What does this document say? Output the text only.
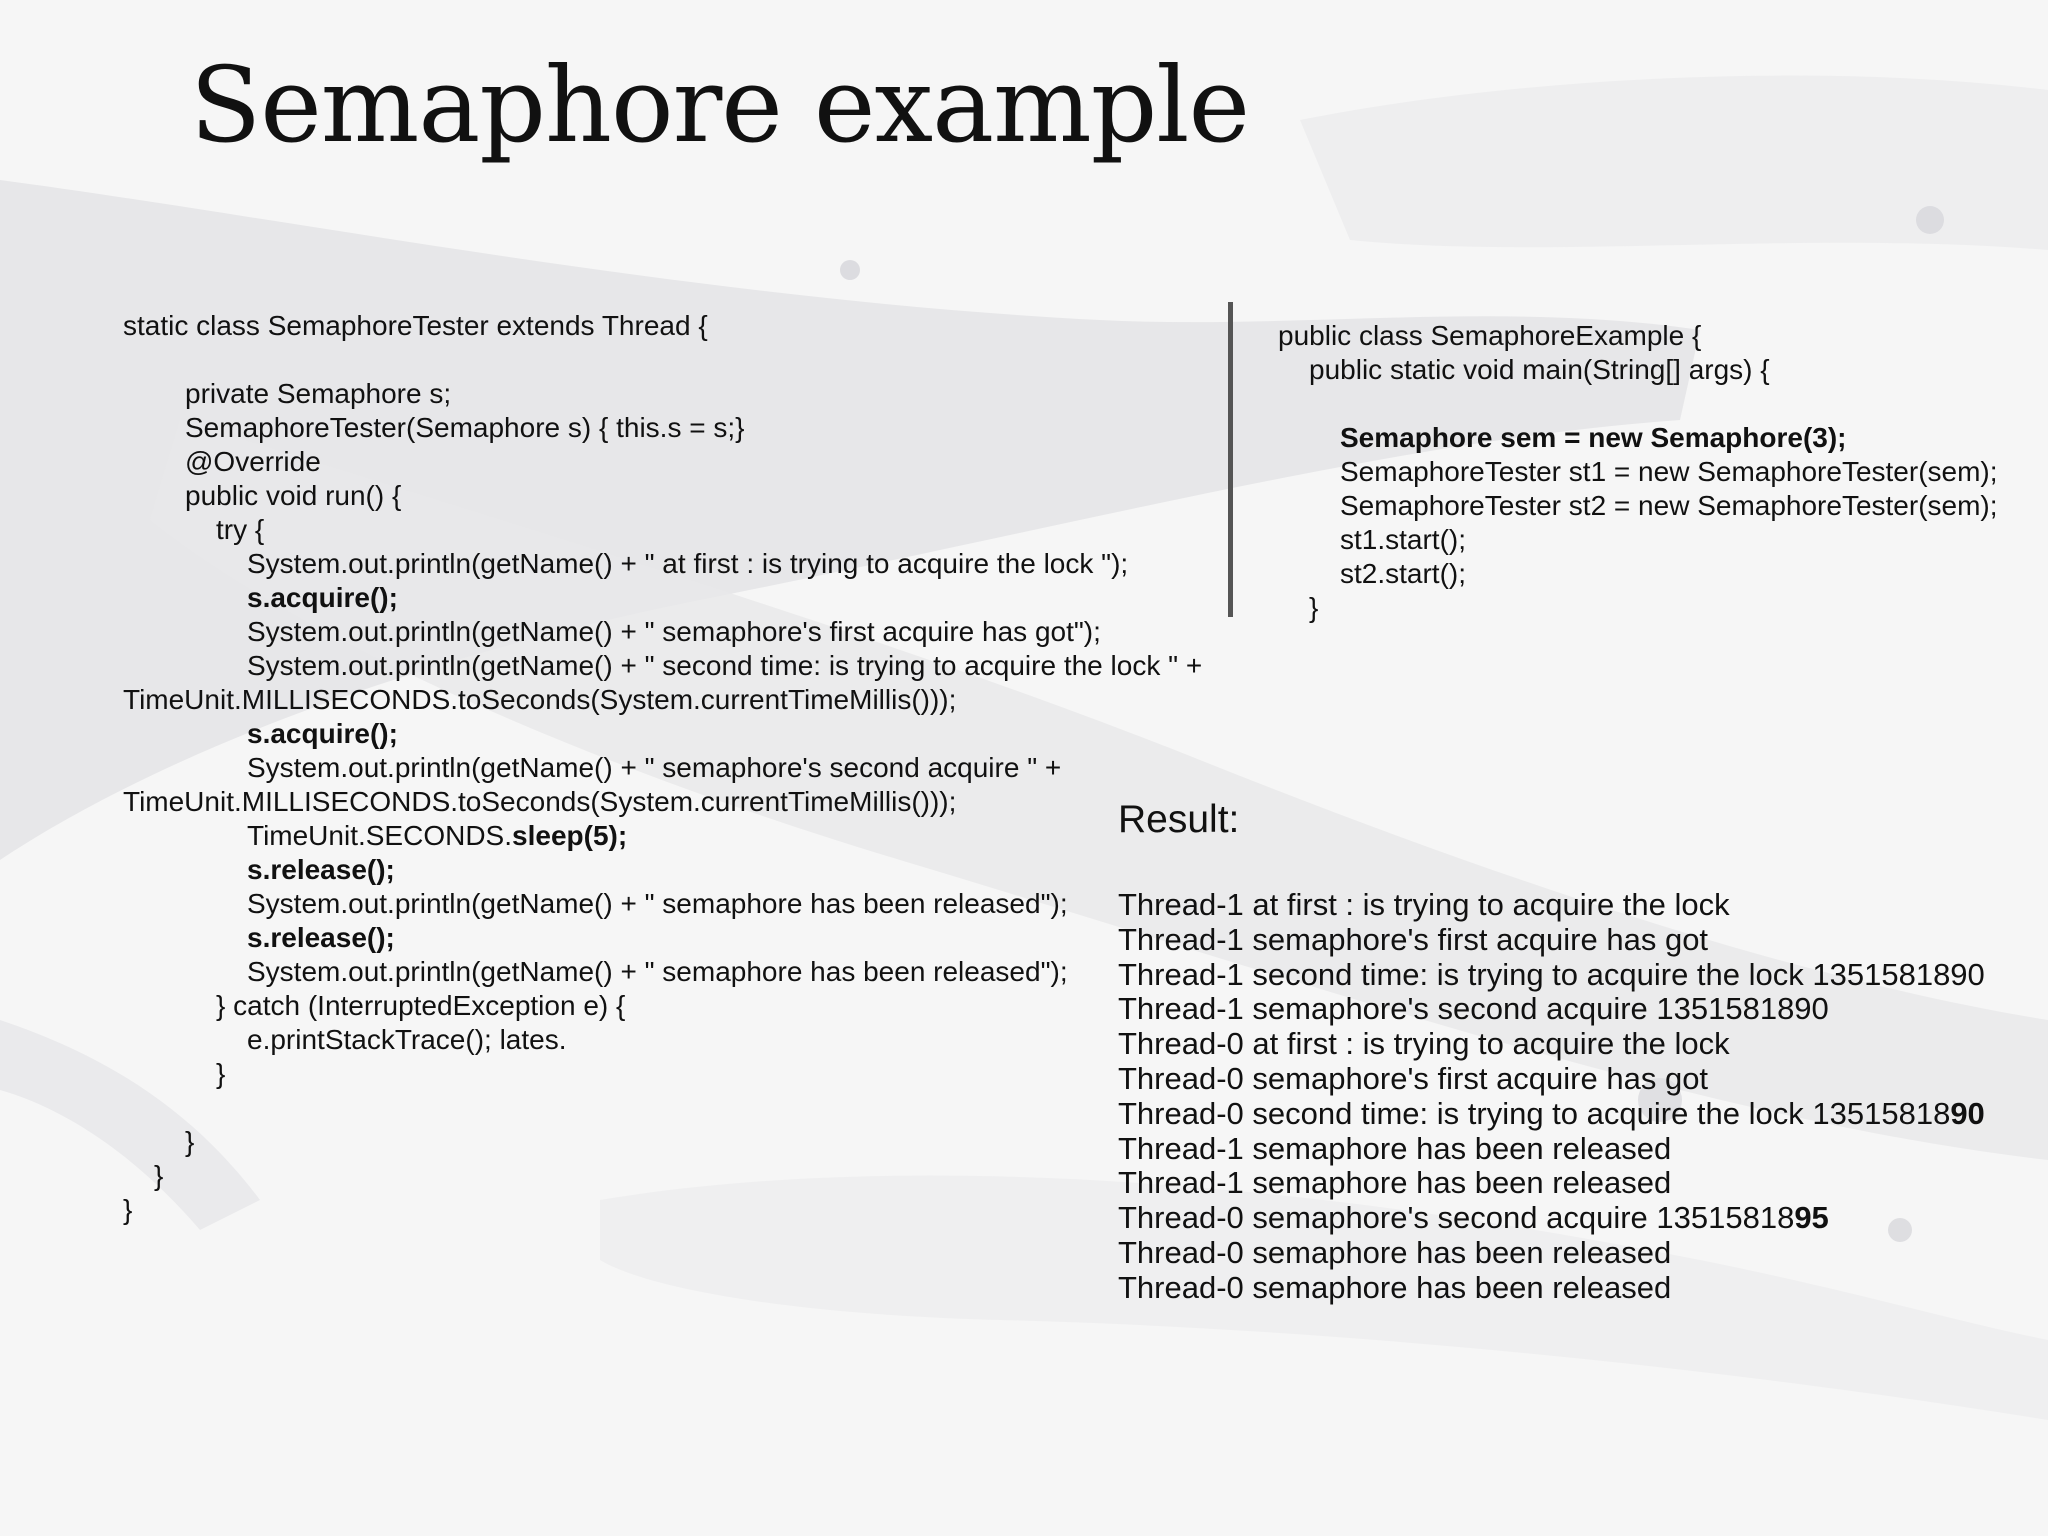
Semaphore example
static class SemaphoreTester extends Thread {
private Semaphore s;
SemaphoreTester(Semaphore s) { this.s = s;}
@Override
public void run() {
try {
System.out.println(getName() + " at first : is trying to acquire the lock ");
s.acquire();
System.out.println(getName() + " semaphore's first acquire has got");
System.out.println(getName() + " second time: is trying to acquire the lock " +
TimeUnit.MILLISECONDS.toSeconds(System.currentTimeMillis()));
s.acquire();
System.out.println(getName() + " semaphore's second acquire " +
TimeUnit.MILLISECONDS.toSeconds(System.currentTimeMillis()));
TimeUnit.SECONDS.sleep(5);
s.release();
System.out.println(getName() + " semaphore has been released");
s.release();
System.out.println(getName() + " semaphore has been released");
} catch (InterruptedException e) {
e.printStackTrace(); lates.
}
}
}
}
public class SemaphoreExample {
public static void main(String[] args) {
Semaphore sem = new Semaphore(3);
SemaphoreTester st1 = new SemaphoreTester(sem);
SemaphoreTester st2 = new SemaphoreTester(sem);
st1.start();
st2.start();
}
Result:
Thread-1 at first : is trying to acquire the lock
Thread-1 semaphore's first acquire has got
Thread-1 second time: is trying to acquire the lock 1351581890
Thread-1 semaphore's second acquire 1351581890
Thread-0 at first : is trying to acquire the lock
Thread-0 semaphore's first acquire has got
Thread-0 second time: is trying to acquire the lock 1351581890
Thread-1 semaphore has been released
Thread-1 semaphore has been released
Thread-0 semaphore's second acquire 1351581895
Thread-0 semaphore has been released
Thread-0 semaphore has been released
